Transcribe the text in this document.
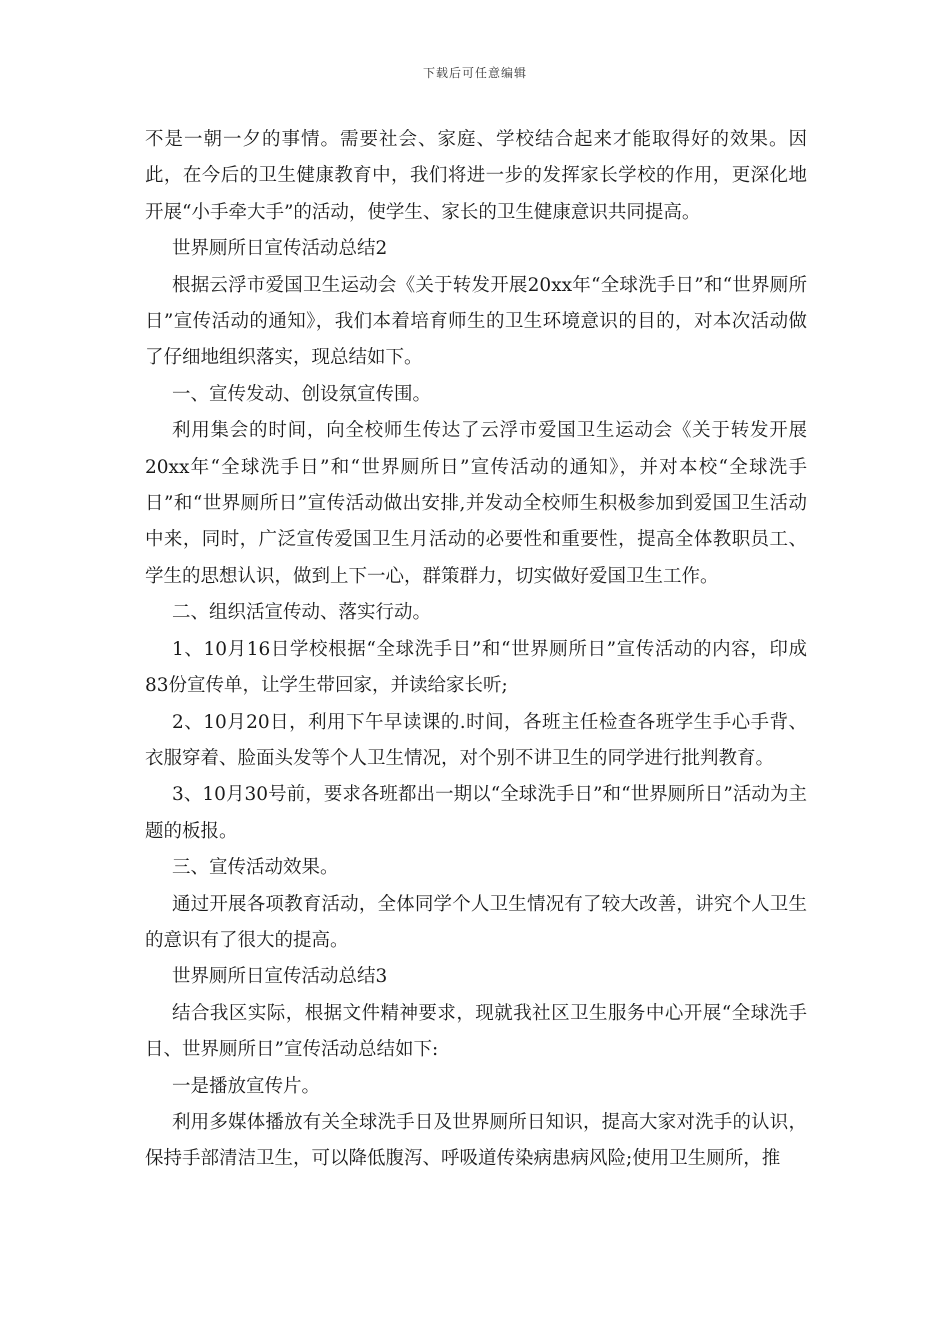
下载后可任意编辑

不是一朝一夕的事情。需要社会、家庭、学校结合起来才能取得好的效果。因此，在今后的卫生健康教育中，我们将进一步的发挥家长学校的作用，更深化地开展“小手牵大手”的活动，使学生、家长的卫生健康意识共同提高。

世界厕所日宣传活动总结2

根据云浮市爱国卫生运动会《关于转发开展20xx年“全球洗手日”和“世界厕所日”宣传活动的通知》，我们本着培育师生的卫生环境意识的目的，对本次活动做了仔细地组织落实，现总结如下。

一、宣传发动、创设氛宣传围。

利用集会的时间，向全校师生传达了云浮市爱国卫生运动会《关于转发开展20xx年“全球洗手日”和“世界厕所日”宣传活动的通知》，并对本校“全球洗手日”和“世界厕所日”宣传活动做出安排,并发动全校师生积极参加到爱国卫生活动中来，同时，广泛宣传爱国卫生月活动的必要性和重要性，提高全体教职员工、学生的思想认识，做到上下一心，群策群力，切实做好爱国卫生工作。

二、组织活宣传动、落实行动。

1、10月16日学校根据“全球洗手日”和“世界厕所日”宣传活动的内容，印成83份宣传单，让学生带回家，并读给家长听;

2、10月20日，利用下午早读课的.时间，各班主任检查各班学生手心手背、衣服穿着、脸面头发等个人卫生情况，对个别不讲卫生的同学进行批判教育。

3、10月30号前，要求各班都出一期以“全球洗手日”和“世界厕所日”活动为主题的板报。

三、宣传活动效果。

通过开展各项教育活动，全体同学个人卫生情况有了较大改善，讲究个人卫生的意识有了很大的提高。

世界厕所日宣传活动总结3

结合我区实际，根据文件精神要求，现就我社区卫生服务中心开展“全球洗手日、世界厕所日”宣传活动总结如下:

一是播放宣传片。

利用多媒体播放有关全球洗手日及世界厕所日知识，提高大家对洗手的认识，保持手部清洁卫生，可以降低腹泻、呼吸道传染病患病风险;使用卫生厕所，推
